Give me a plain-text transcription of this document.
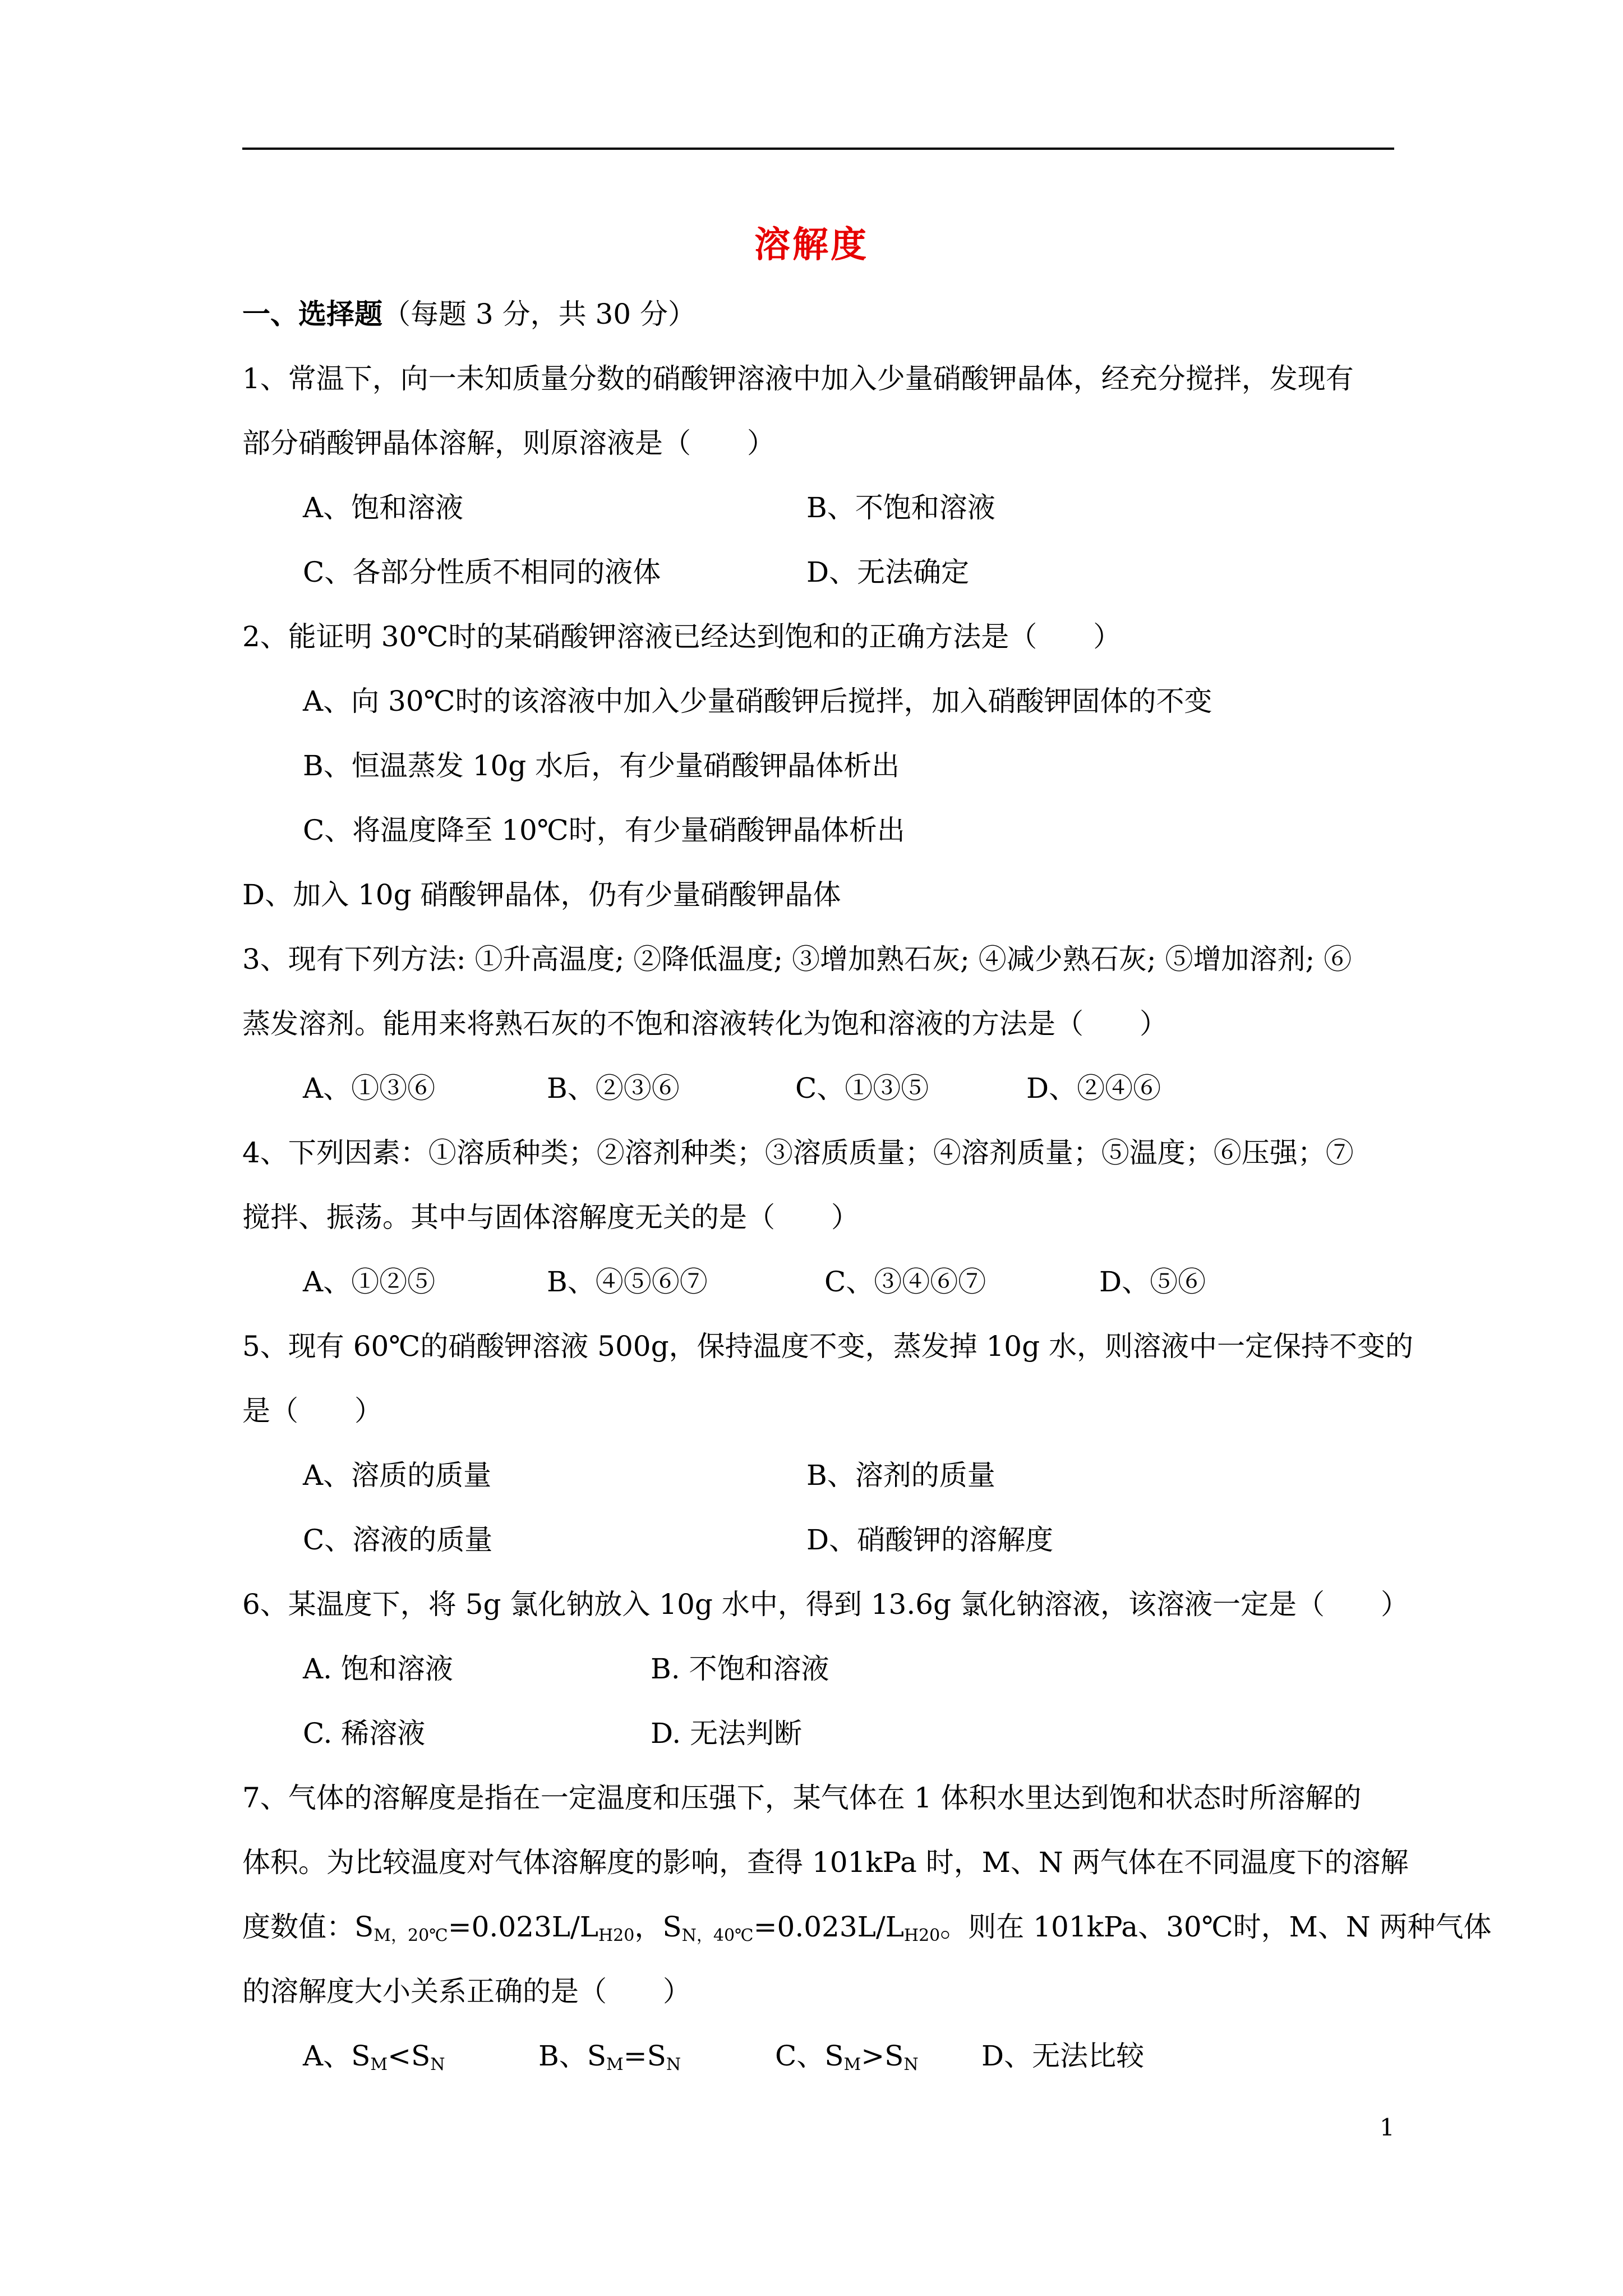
溶解度
一、选择题（每题 3 分，共 30 分）
1、常温下，向一未知质量分数的硝酸钾溶液中加入少量硝酸钾晶体，经充分搅拌，发现有
部分硝酸钾晶体溶解，则原溶液是（　　）
A、饱和溶液	B、不饱和溶液
C、各部分性质不相同的液体	D、无法确定
2、能证明 30℃时的某硝酸钾溶液已经达到饱和的正确方法是（　　）
A、向 30℃时的该溶液中加入少量硝酸钾后搅拌，加入硝酸钾固体的不变
B、恒温蒸发 10g 水后，有少量硝酸钾晶体析出
C、将温度降至 10℃时，有少量硝酸钾晶体析出
D、加入 10g 硝酸钾晶体，仍有少量硝酸钾晶体
3、现有下列方法: ①升高温度; ②降低温度; ③增加熟石灰; ④减少熟石灰; ⑤增加溶剂; ⑥
蒸发溶剂。能用来将熟石灰的不饱和溶液转化为饱和溶液的方法是（　　）
A、①③⑥	B、②③⑥	C、①③⑤	D、②④⑥
4、下列因素：①溶质种类；②溶剂种类；③溶质质量；④溶剂质量；⑤温度；⑥压强；⑦
搅拌、振荡。其中与固体溶解度无关的是（　　）
A、①②⑤	B、④⑤⑥⑦	C、③④⑥⑦	D、⑤⑥
5、现有 60℃的硝酸钾溶液 500g，保持温度不变，蒸发掉 10g 水，则溶液中一定保持不变的
是（　　）
A、溶质的质量	B、溶剂的质量
C、溶液的质量	D、硝酸钾的溶解度
6、某温度下，将 5g 氯化钠放入 10g 水中，得到 13.6g 氯化钠溶液，该溶液一定是（　　）
A. 饱和溶液	B. 不饱和溶液
C. 稀溶液	D. 无法判断
7、气体的溶解度是指在一定温度和压强下，某气体在 1 体积水里达到饱和状态时所溶解的
体积。为比较温度对气体溶解度的影响，查得 101kPa 时，M、N 两气体在不同温度下的溶解
度数值：$S_{M,20℃}=0.023L/L_{H20}$，$S_{N,40℃}=0.023L/L_{H20}$。则在 101kPa、30℃时，M、N 两种气体
的溶解度大小关系正确的是（　　）
A、$S_M<S_N$	B、$S_M=S_N$	C、$S_M>S_N$ D、无法比较
1
